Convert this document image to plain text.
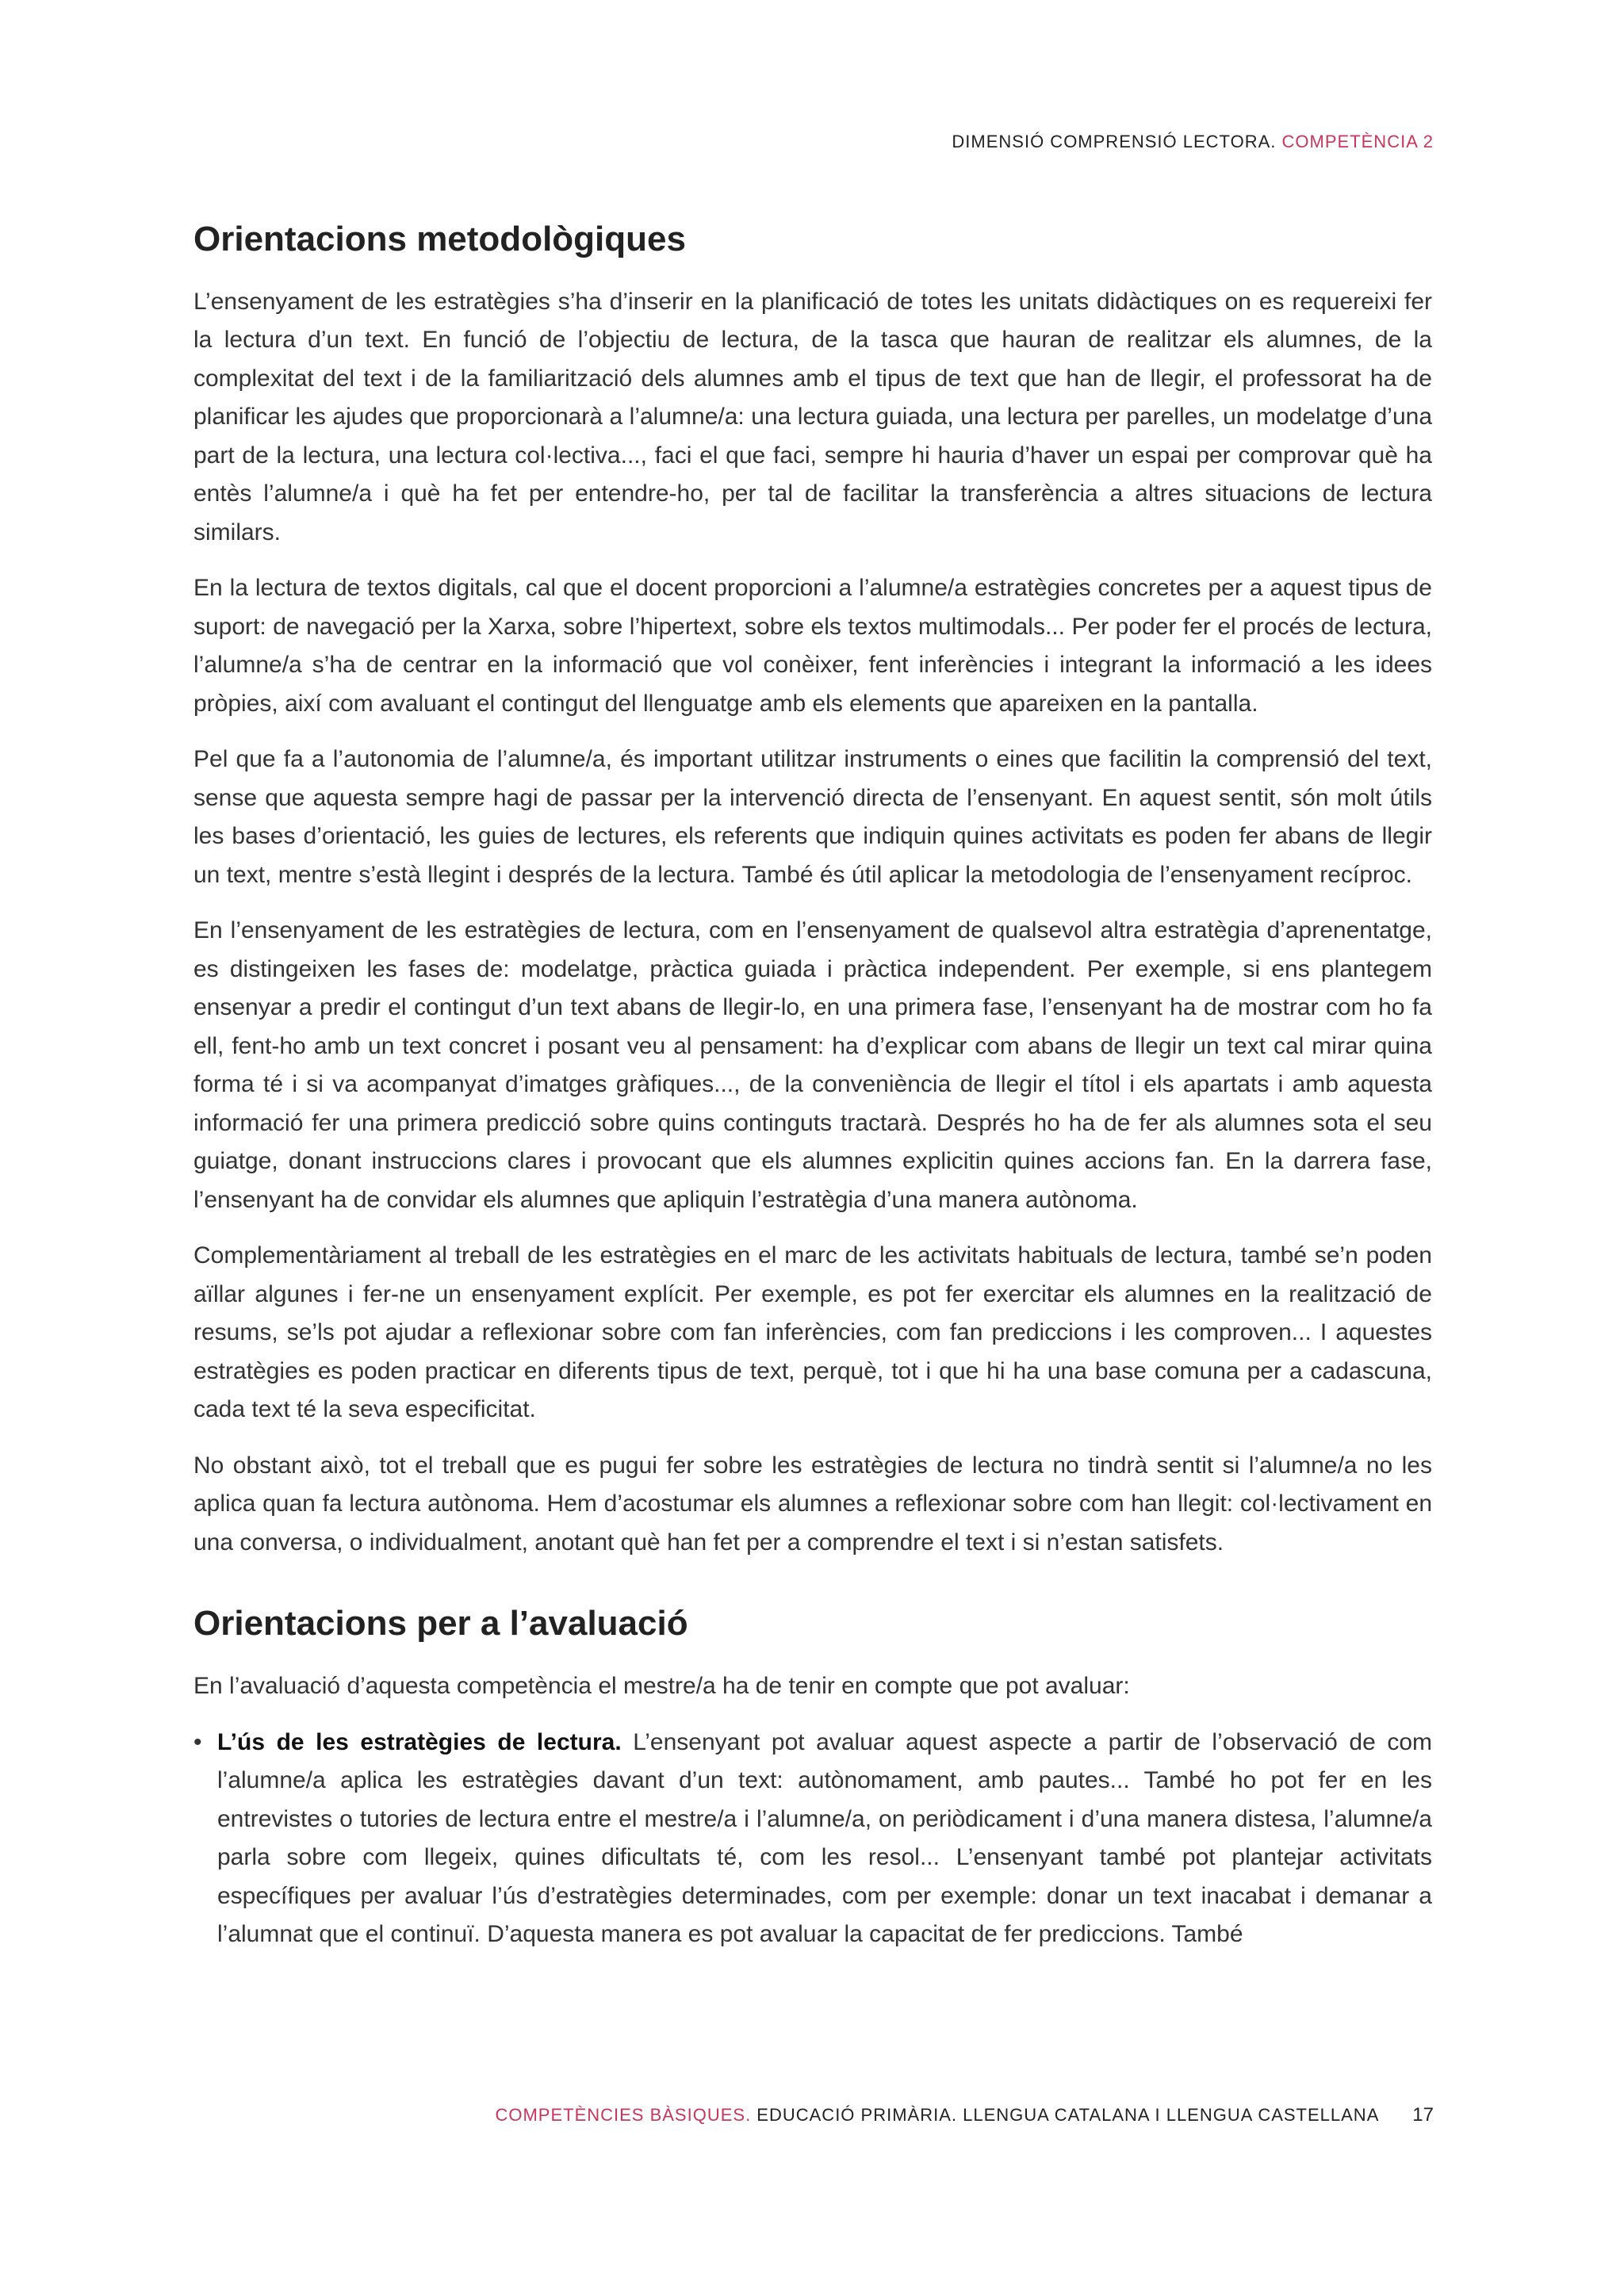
DIMENSIÓ COMPRENSIÓ LECTORA. COMPETÈNCIA 2
Orientacions metodològiques

L’ensenyament de les estratègies s’ha d’inserir en la planificació de totes les unitats didàctiques on es requereixi fer la lectura d’un text. En funció de l’objectiu de lectura, de la tasca que hauran de realitzar els alumnes, de la complexitat del text i de la familiarització dels alumnes amb el tipus de text que han de llegir, el professorat ha de planificar les ajudes que proporcionarà a l’alumne/a: una lectura guiada, una lectura per parelles, un modelatge d’una part de la lectura, una lectura col·lectiva..., faci el que faci, sempre hi hauria d’haver un espai per comprovar què ha entès l’alumne/a i què ha fet per entendre-ho, per tal de facilitar la transferència a altres situacions de lectura similars.

En la lectura de textos digitals, cal que el docent proporcioni a l’alumne/a estratègies concretes per a aquest tipus de suport: de navegació per la Xarxa, sobre l’hipertext, sobre els textos multimodals... Per poder fer el procés de lectura, l’alumne/a s’ha de centrar en la informació que vol conèixer, fent inferències i integrant la informació a les idees pròpies, així com avaluant el contingut del llenguatge amb els elements que apareixen en la pantalla.

Pel que fa a l’autonomia de l’alumne/a, és important utilitzar instruments o eines que facilitin la comprensió del text, sense que aquesta sempre hagi de passar per la intervenció directa de l’ensenyant. En aquest sentit, són molt útils les bases d’orientació, les guies de lectures, els referents que indiquin quines activitats es poden fer abans de llegir un text, mentre s’està llegint i després de la lectura. També és útil aplicar la metodologia de l’ensenyament recíproc.

En l’ensenyament de les estratègies de lectura, com en l’ensenyament de qualsevol altra estratègia d’aprenentatge, es distingeixen les fases de: modelatge, pràctica guiada i pràctica independent. Per exemple, si ens plantegem ensenyar a predir el contingut d’un text abans de llegir-lo, en una primera fase, l’ensenyant ha de mostrar com ho fa ell, fent-ho amb un text concret i posant veu al pensament: ha d’explicar com abans de llegir un text cal mirar quina forma té i si va acompanyat d’imatges gràfiques..., de la conveniència de llegir el títol i els apartats i amb aquesta informació fer una primera predicció sobre quins continguts tractarà. Després ho ha de fer als alumnes sota el seu guiatge, donant instruccions clares i provocant que els alumnes explicitin quines accions fan. En la darrera fase, l’ensenyant ha de convidar els alumnes que apliquin l’estratègia d’una manera autònoma.

Complementàriament al treball de les estratègies en el marc de les activitats habituals de lectura, també se’n poden aïllar algunes i fer-ne un ensenyament explícit. Per exemple, es pot fer exercitar els alumnes en la realització de resums, se’ls pot ajudar a reflexionar sobre com fan inferències, com fan prediccions i les comproven... I aquestes estratègies es poden practicar en diferents tipus de text, perquè, tot i que hi ha una base comuna per a cadascuna, cada text té la seva especificitat.

No obstant això, tot el treball que es pugui fer sobre les estratègies de lectura no tindrà sentit si l’alumne/a no les aplica quan fa lectura autònoma. Hem d’acostumar els alumnes a reflexionar sobre com han llegit: col·lectivament en una conversa, o individualment, anotant què han fet per a comprendre el text i si n’estan satisfets.

Orientacions per a l’avaluació

En l’avaluació d’aquesta competència el mestre/a ha de tenir en compte que pot avaluar:

• L’ús de les estratègies de lectura. L’ensenyant pot avaluar aquest aspecte a partir de l’observació de com l’alumne/a aplica les estratègies davant d’un text: autònomament, amb pautes... També ho pot fer en les entrevistes o tutories de lectura entre el mestre/a i l’alumne/a, on periòdicament i d’una manera distesa, l’alumne/a parla sobre com llegeix, quines dificultats té, com les resol... L’ensenyant també pot plantejar activitats específiques per avaluar l’ús d’estratègies determinades, com per exemple: donar un text inacabat i demanar a l’alumnat que el continuï. D’aquesta manera es pot avaluar la capacitat de fer prediccions. També
COMPETÈNCIES BÀSIQUES. EDUCACIÓ PRIMÀRIA. LLENGUA CATALANA I LLENGUA CASTELLANA 17
